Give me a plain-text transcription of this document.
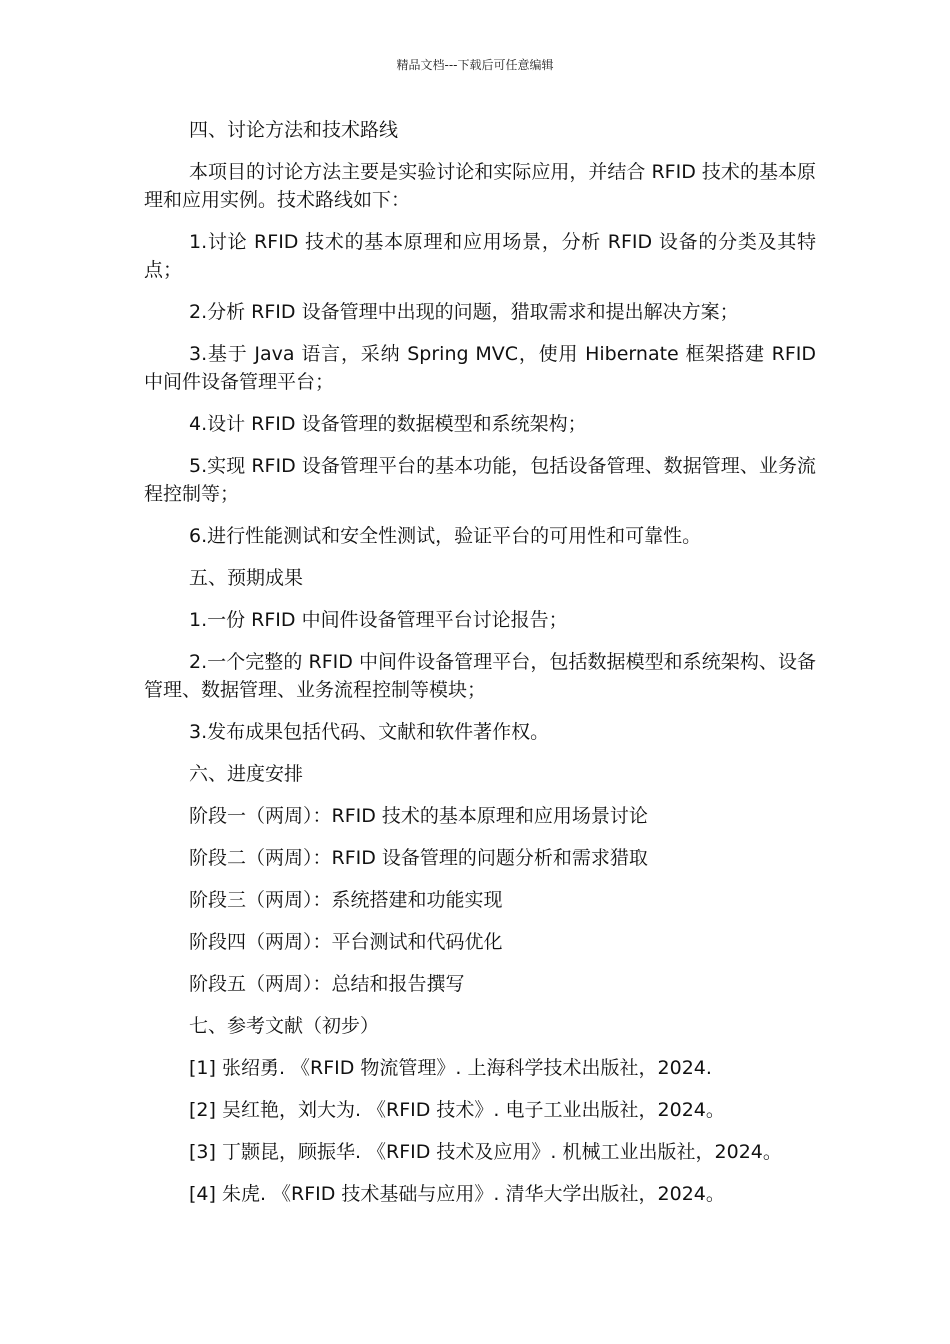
精品文档---下载后可任意编辑

四、讨论方法和技术路线

本项目的讨论方法主要是实验讨论和实际应用，并结合 RFID 技术的基本原理和应用实例。技术路线如下：

1.讨论 RFID 技术的基本原理和应用场景，分析 RFID 设备的分类及其特点；

2.分析 RFID 设备管理中出现的问题，猎取需求和提出解决方案；

3.基于 Java 语言，采纳 Spring MVC，使用 Hibernate 框架搭建 RFID 中间件设备管理平台；

4.设计 RFID 设备管理的数据模型和系统架构；

5.实现 RFID 设备管理平台的基本功能，包括设备管理、数据管理、业务流程控制等；

6.进行性能测试和安全性测试，验证平台的可用性和可靠性。

五、预期成果

1.一份 RFID 中间件设备管理平台讨论报告；

2.一个完整的 RFID 中间件设备管理平台，包括数据模型和系统架构、设备管理、数据管理、业务流程控制等模块；

3.发布成果包括代码、文献和软件著作权。

六、进度安排

阶段一（两周）：RFID 技术的基本原理和应用场景讨论

阶段二（两周）：RFID 设备管理的问题分析和需求猎取

阶段三（两周）：系统搭建和功能实现

阶段四（两周）：平台测试和代码优化

阶段五（两周）：总结和报告撰写

七、参考文献（初步）

[1] 张绍勇. 《RFID 物流管理》. 上海科学技术出版社，2024.

[2] 吴红艳，刘大为. 《RFID 技术》. 电子工业出版社，2024。

[3] 丁颢昆，顾振华. 《RFID 技术及应用》. 机械工业出版社，2024。

[4] 朱虎. 《RFID 技术基础与应用》. 清华大学出版社，2024。
